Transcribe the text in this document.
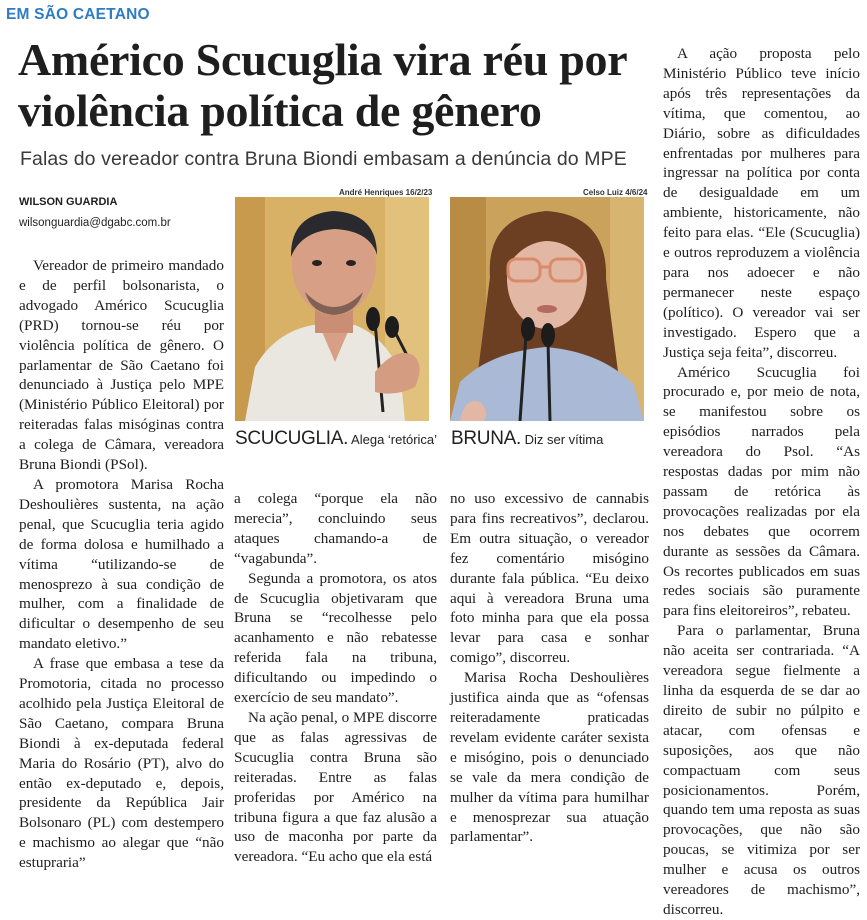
EM SÃO CAETANO
Américo Scucuglia vira réu por
violência política de gênero
Falas do vereador contra Bruna Biondi embasam a denúncia do MPE
WILSON GUARDIA
wilsonguardia@dgabc.com.br

Vereador de primeiro mandado e de perfil bolsonarista, o advogado Américo Scucuglia (PRD) tornou-se réu por violência política de gênero. O parlamentar de São Caetano foi denunciado à Justiça pelo MPE (Ministério Público Eleitoral) por reiteradas falas misóginas contra a colega de Câmara, vereadora Bruna Biondi (PSol).

A promotora Marisa Rocha Deshoulières sustenta, na ação penal, que Scucuglia teria agido de forma dolosa e humilhado a vítima “utilizando-se de menosprezo à sua condição de mulher, com a finalidade de dificultar o desempenho de seu mandato eletivo.”

A frase que embasa a tese da Promotoria, citada no processo acolhido pela Justiça Eleitoral de São Caetano, compara Bruna Biondi à ex-deputada federal Maria do Rosário (PT), alvo do então ex-deputado e, depois, presidente da República Jair Bolsonaro (PL) com destempero e machismo ao alegar que “não estupraria”

André Henriques 16/2/23
SCUCUGLIA. Alega ‘retórica’
Celso Luiz 4/6/24
BRUNA. Diz ser vítima

a colega “porque ela não merecia”, concluindo seus ataques chamando-a de “vagabunda”.

Segunda a promotora, os atos de Scucuglia objetivaram que Bruna se “recolhesse pelo acanhamento e não rebatesse referida fala na tribuna, dificultando ou impedindo o exercício de seu mandato”.

Na ação penal, o MPE discorre que as falas agressivas de Scucuglia contra Bruna são reiteradas. Entre as falas proferidas por Américo na tribuna figura a que faz alusão a uso de maconha por parte da vereadora. “Eu acho que ela está

no uso excessivo de cannabis para fins recreativos”, declarou. Em outra situação, o vereador fez comentário misógino durante fala pública. “Eu deixo aqui à vereadora Bruna uma foto minha para que ela possa levar para casa e sonhar comigo”, discorreu.

Marisa Rocha Deshoulières justifica ainda que as “ofensas reiteradamente praticadas revelam evidente caráter sexista e misógino, pois o denunciado se vale da mera condição de mulher da vítima para humilhar e menosprezar sua atuação parlamentar”.

A ação proposta pelo Ministério Público teve início após três representações da vítima, que comentou, ao Diário, sobre as dificuldades enfrentadas por mulheres para ingressar na política por conta de desigualdade em um ambiente, historicamente, não feito para elas. “Ele (Scucuglia) e outros reproduzem a violência para nos adoecer e não permanecer neste espaço (político). O vereador vai ser investigado. Espero que a Justiça seja feita”, discorreu.

Américo Scucuglia foi procurado e, por meio de nota, se manifestou sobre os episódios narrados pela vereadora do Psol. “As respostas dadas por mim não passam de retórica às provocações realizadas por ela nos debates que ocorrem durante as sessões da Câmara. Os recortes publicados em suas redes sociais são puramente para fins eleitoreiros”, rebateu.

Para o parlamentar, Bruna não aceita ser contrariada. “A vereadora segue fielmente a linha da esquerda de se dar ao direito de subir no púlpito e atacar, com ofensas e suposições, aos que não compactuam com seus posicionamentos. Porém, quando tem uma reposta as suas provocações, que não são poucas, se vitimiza por ser mulher e acusa os outros vereadores de machismo”, discorreu.
